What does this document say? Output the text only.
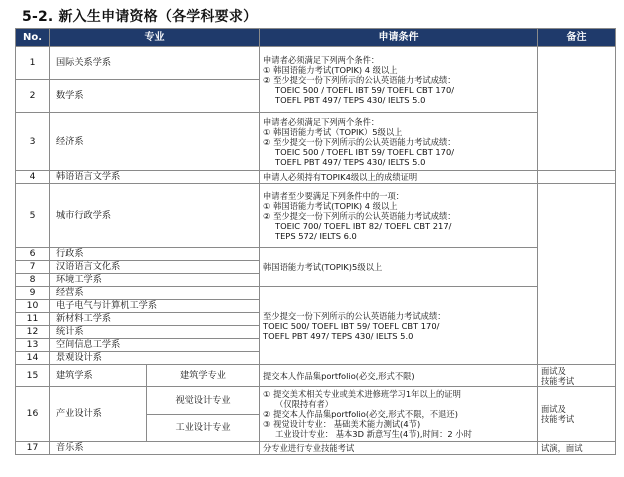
5-2. 新入生申请资格（各学科要求）
No.	专业		申请条件	备注
1	国际关系学系		申请者必须满足下列两个条件：
① 韩国语能力考试(TOPIK) 4 级以上
② 至少提交一份下列所示的公认英语能力考试成绩：
TOEIC 500 / TOEFL IBT 59/ TOEFL CBT 170/
TOEFL PBT 497/ TEPS 430/ IELTS 5.0	

2	数学系			
3	经济系		申请者必须满足下列两个条件：
① 韩国语能力考试（TOPIK）5级以上
② 至少提交一份下列所示的公认英语能力考试成绩：
TOEIC 500 / TOEFL IBT 59/ TOEFL CBT 170/
TOEFL PBT 497/ TEPS 430/ IELTS 5.0	

4	韩语语言文学系		申请人必须持有TOPIK4级以上的成绩证明	
5	城市行政学系		申请者至少要满足下列条件中的一项：
① 韩国语能力考试(TOPIK) 4 级以上
② 至少提交一份下列所示的公认英语能力考试成绩：
TOEIC 700/ TOEFL IBT 82/ TOEFL CBT 217/
TEPS 572/ IELTS 6.0	

6	行政系		韩国语能力考试(TOPIK)5级以上	
7	汉语语言文化系			
8	环境工学系			
9	经营系		至少提交一份下列所示的公认英语能力考试成绩：
TOEIC 500/ TOEFL IBT 59/ TOEFL CBT 170/
TOEFL PBT 497/ TEPS 430/ IELTS 5.0	

10	电子电气与计算机工学系			
11	新材料工学系			
12	统计系			
13	空间信息工学系			
14	景观设计系			
15	建筑学系	建筑学专业	提交本人作品集portfolio(必交,形式不限)	面试及
技能考试

16	产业设计系	视觉设计专业	① 提交美术相关专业或美术进修班学习1年以上的证明
（仅限持有者）
② 提交本人作品集portfolio(必交,形式不限，不退还)
③ 视觉设计专业： 基础美术能力测试(4节)
工业设计专业： 基本3D 新意写生(4节),时间：2 小时	面试及
技能考试

		工业设计专业		
17	音乐系		分专业进行专业技能考试	试演，面试
